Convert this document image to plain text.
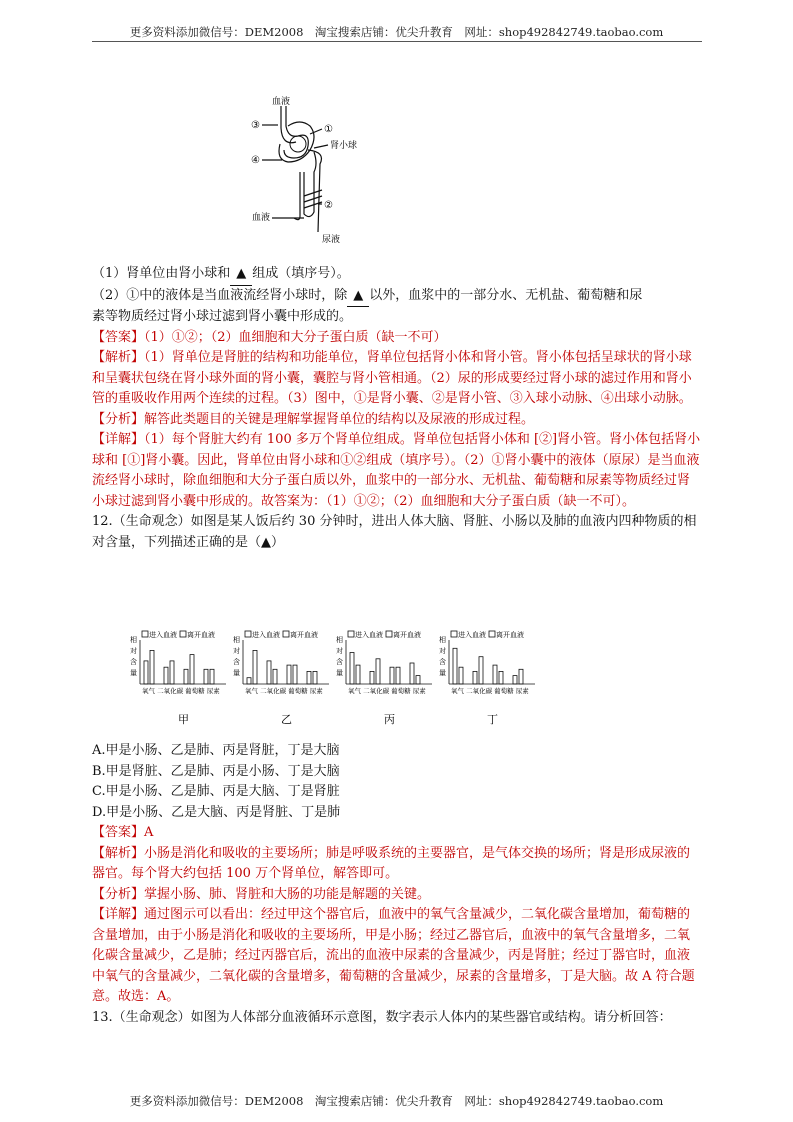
更多资料添加微信号：DEM2008　淘宝搜索店铺：优尖升教育　网址：shop492842749.taobao.com
血液
③
④
①
肾小球
②
血液
尿液

（1）肾单位由肾小球和 ▲ 组成（填序号）。

（2）①中的液体是当血液流经肾小球时，除 ▲ 以外，血浆中的一部分水、无机盐、葡萄糖和尿

素等物质经过肾小球过滤到肾小囊中形成的。

【答案】（1）①②；（2）血细胞和大分子蛋白质（缺一不可）

【解析】（1）肾单位是肾脏的结构和功能单位，肾单位包括肾小体和肾小管。肾小体包括呈球状的肾小球和呈囊状包绕在肾小球外面的肾小囊，囊腔与肾小管相通。（2）尿的形成要经过肾小球的滤过作用和肾小管的重吸收作用两个连续的过程。（3）图中，①是肾小囊、②是肾小管、③入球小动脉、④出球小动脉。

【分析】解答此类题目的关键是理解掌握肾单位的结构以及尿液的形成过程。

【详解】（1）每个肾脏大约有 100 多万个肾单位组成。肾单位包括肾小体和 [②]肾小管。肾小体包括肾小球和 [①]肾小囊。因此，肾单位由肾小球和①②组成（填序号）。（2）①肾小囊中的液体（原尿）是当血液流经肾小球时，除血细胞和大分子蛋白质以外，血浆中的一部分水、无机盐、葡萄糖和尿素等物质经过肾小球过滤到肾小囊中形成的。故答案为：（1）①②；（2）血细胞和大分子蛋白质（缺一不可）。

12.（生命观念）如图是某人饭后约 30 分钟时，进出人体大脑、肾脏、小肠以及肺的血液内四种物质的相对含量，下列描述正确的是（▲）

相
对
含
量
进入血液 离开血液
氧气 二氧化碳 葡萄糖 尿素
甲
相
对
含
量
进入血液 离开血液
氧气 二氧化碳 葡萄糖 尿素
乙
相
对
含
量
进入血液 离开血液
氧气 二氧化碳 葡萄糖 尿素
丙
相
对
含
量
进入血液 离开血液
氧气 二氧化碳 葡萄糖 尿素
丁

A.甲是小肠、乙是肺、丙是肾脏，丁是大脑

B.甲是肾脏、乙是肺、丙是小肠、丁是大脑

C.甲是小肠、乙是肺、丙是大脑、丁是肾脏

D.甲是小肠、乙是大脑、丙是肾脏、丁是肺

【答案】A

【解析】小肠是消化和吸收的主要场所；肺是呼吸系统的主要器官，是气体交换的场所；肾是形成尿液的器官。每个肾大约包括 100 万个肾单位，解答即可。

【分析】掌握小肠、肺、肾脏和大肠的功能是解题的关键。

【详解】通过图示可以看出：经过甲这个器官后，血液中的氧气含量减少，二氧化碳含量增加，葡萄糖的含量增加，由于小肠是消化和吸收的主要场所，甲是小肠；经过乙器官后，血液中的氧气含量增多，二氧化碳含量减少，乙是肺；经过丙器官后，流出的血液中尿素的含量减少，丙是肾脏；经过丁器官时，血液中氧气的含量减少，二氧化碳的含量增多，葡萄糖的含量减少，尿素的含量增多，丁是大脑。故 A 符合题意。故选：A。

13.（生命观念）如图为人体部分血液循环示意图，数字表示人体内的某些器官或结构。请分析回答：

更多资料添加微信号：DEM2008　淘宝搜索店铺：优尖升教育　网址：shop492842749.taobao.com
